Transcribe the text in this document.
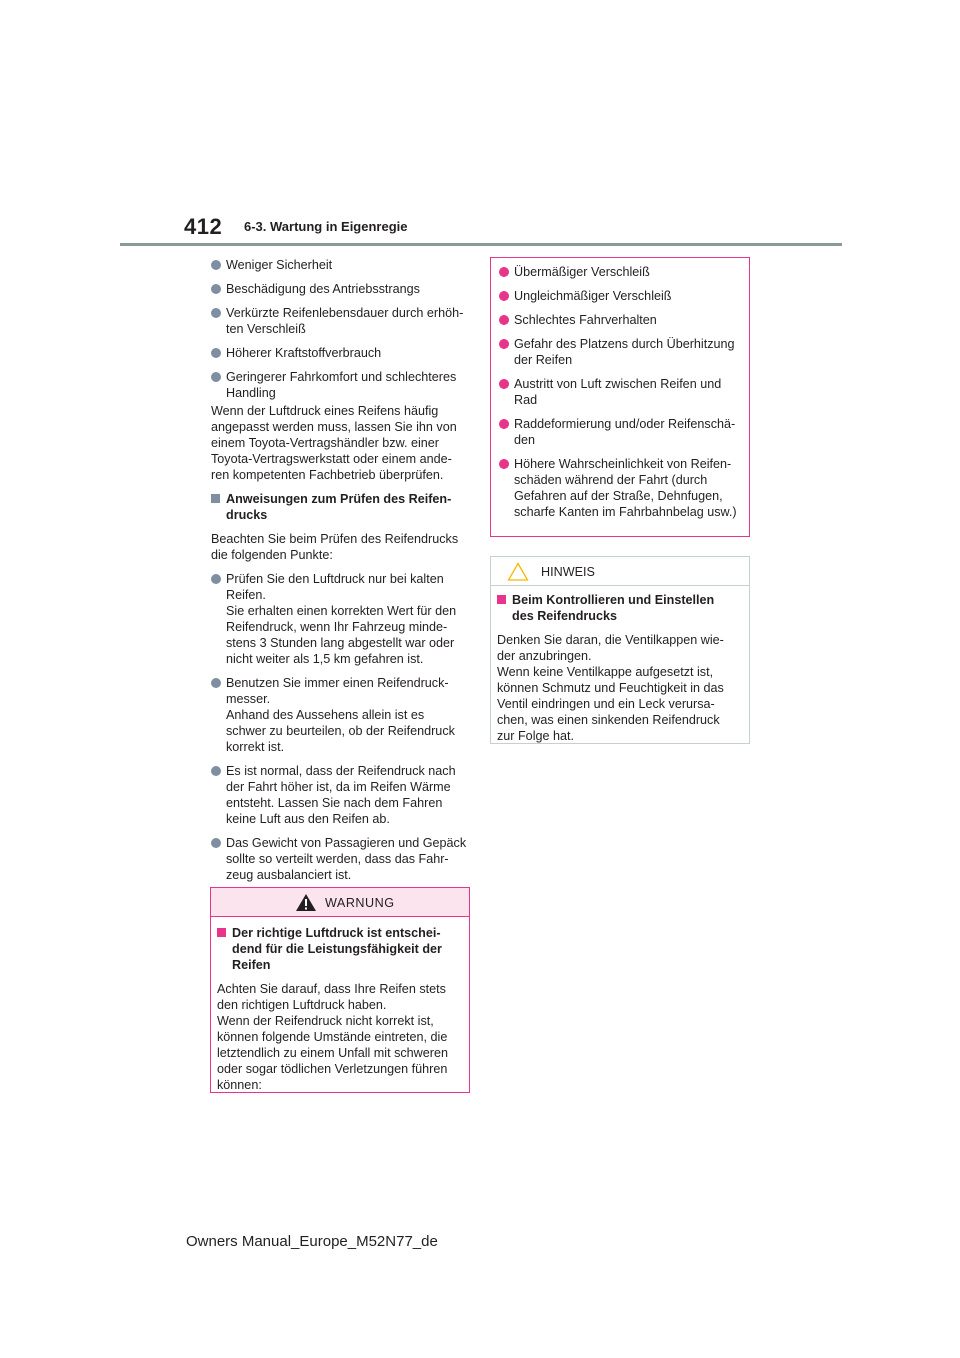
412 6-3. Wartung in Eigenregie
Weniger Sicherheit
Beschädigung des Antriebsstrangs
Verkürzte Reifenlebensdauer durch erhöh-
ten Verschleiß
Höherer Kraftstoffverbrauch
Geringerer Fahrkomfort und schlechteres
Handling
Wenn der Luftdruck eines Reifens häufig
angepasst werden muss, lassen Sie ihn von
einem Toyota-Vertragshändler bzw. einer
Toyota-Vertragswerkstatt oder einem ande-
ren kompetenten Fachbetrieb überprüfen.
Anweisungen zum Prüfen des Reifen-
drucks
Beachten Sie beim Prüfen des Reifendrucks
die folgenden Punkte:
Prüfen Sie den Luftdruck nur bei kalten
Reifen.
Sie erhalten einen korrekten Wert für den
Reifendruck, wenn Ihr Fahrzeug minde-
stens 3 Stunden lang abgestellt war oder
nicht weiter als 1,5 km gefahren ist.
Benutzen Sie immer einen Reifendruck-
messer.
Anhand des Aussehens allein ist es
schwer zu beurteilen, ob der Reifendruck
korrekt ist.
Es ist normal, dass der Reifendruck nach
der Fahrt höher ist, da im Reifen Wärme
entsteht. Lassen Sie nach dem Fahren
keine Luft aus den Reifen ab.
Das Gewicht von Passagieren und Gepäck
sollte so verteilt werden, dass das Fahr-
zeug ausbalanciert ist.
WARNUNG
Der richtige Luftdruck ist entschei-
dend für die Leistungsfähigkeit der
Reifen
Achten Sie darauf, dass Ihre Reifen stets
den richtigen Luftdruck haben.
Wenn der Reifendruck nicht korrekt ist,
können folgende Umstände eintreten, die
letztendlich zu einem Unfall mit schweren
oder sogar tödlichen Verletzungen führen
können:
Übermäßiger Verschleiß
Ungleichmäßiger Verschleiß
Schlechtes Fahrverhalten
Gefahr des Platzens durch Überhitzung
der Reifen
Austritt von Luft zwischen Reifen und
Rad
Raddeformierung und/oder Reifenschä-
den
Höhere Wahrscheinlichkeit von Reifen-
schäden während der Fahrt (durch
Gefahren auf der Straße, Dehnfugen,
scharfe Kanten im Fahrbahnbelag usw.)
HINWEIS
Beim Kontrollieren und Einstellen
des Reifendrucks
Denken Sie daran, die Ventilkappen wie-
der anzubringen.
Wenn keine Ventilkappe aufgesetzt ist,
können Schmutz und Feuchtigkeit in das
Ventil eindringen und ein Leck verursa-
chen, was einen sinkenden Reifendruck
zur Folge hat.
Owners Manual_Europe_M52N77_de
